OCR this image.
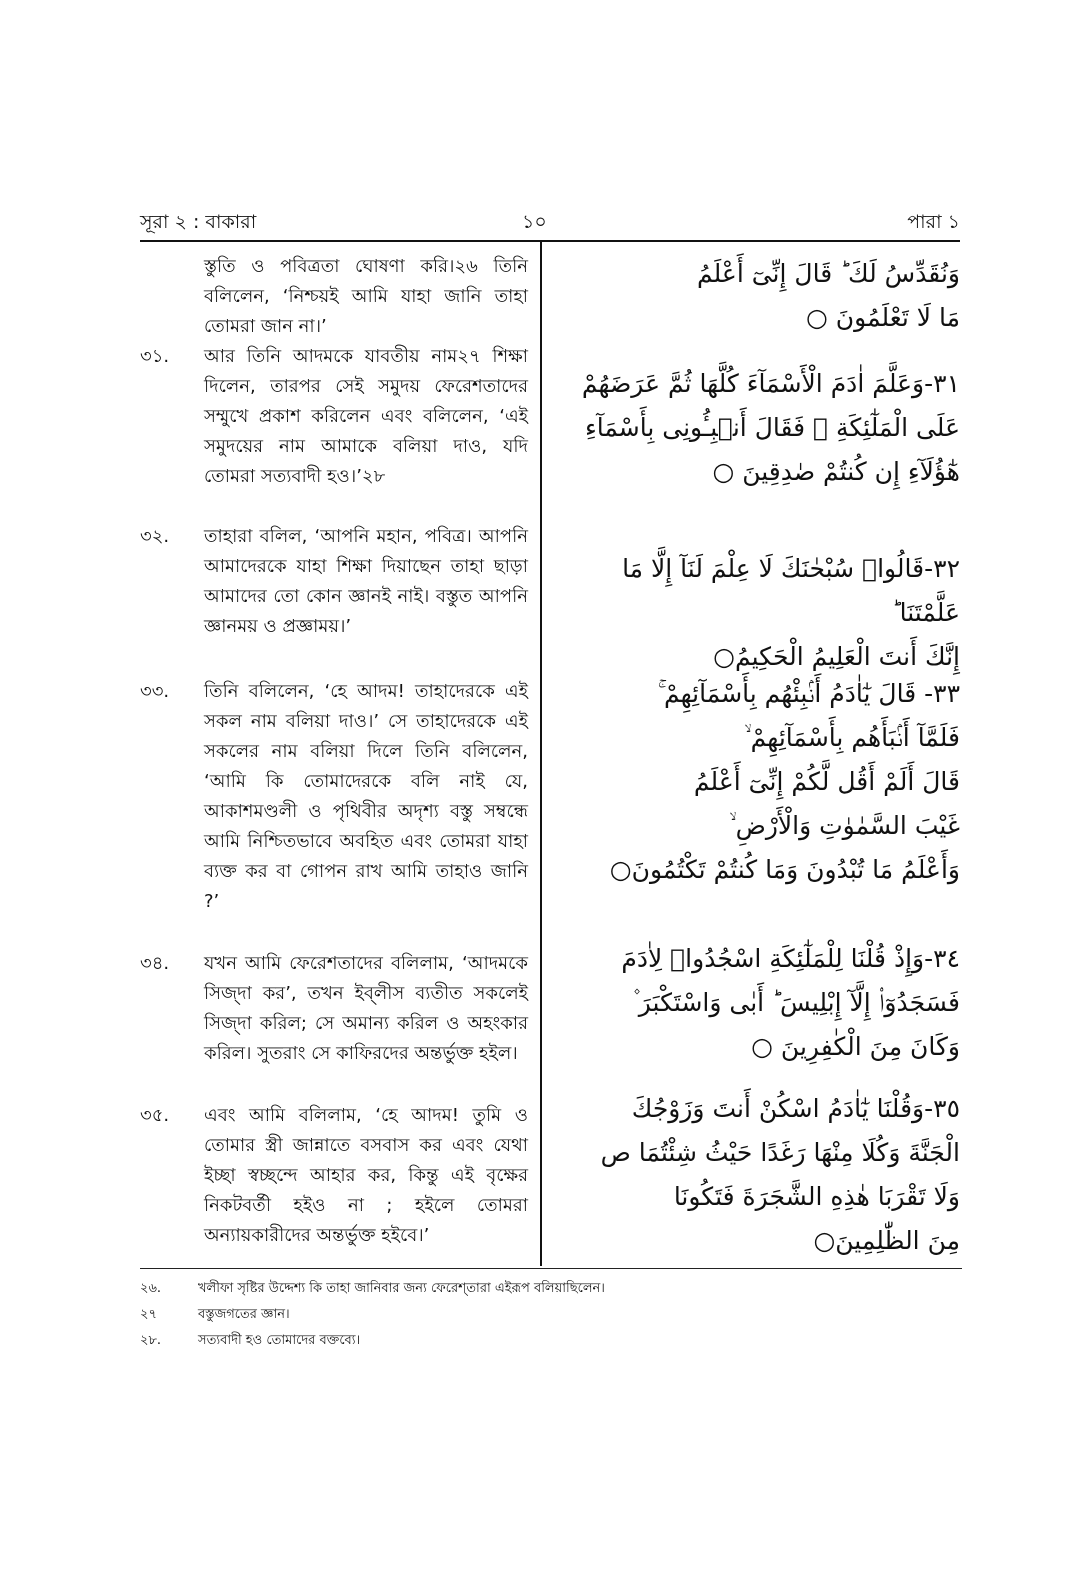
সূরা ২ : বাকারা	১০	পারা ১

স্তুতি ও পবিত্রতা ঘোষণা করি।২৬ তিনি বলিলেন, ‘নিশ্চয়ই আমি যাহা জানি তাহা তোমরা জান না।’

৩১. আর তিনি আদমকে যাবতীয় নাম২৭ শিক্ষা দিলেন, তারপর সেই সমুদয় ফেরেশতাদের সম্মুখে প্রকাশ করিলেন এবং বলিলেন, ‘এই সমুদয়ের নাম আমাকে বলিয়া দাও, যদি তোমরা সত্যবাদী হও।’২৮

৩২. তাহারা বলিল, ‘আপনি মহান, পবিত্র। আপনি আমাদেরকে যাহা শিক্ষা দিয়াছেন তাহা ছাড়া আমাদের তো কোন জ্ঞানই নাই। বস্তুত আপনি জ্ঞানময় ও প্রজ্ঞাময়।’

৩৩. তিনি বলিলেন, ‘হে আদম! তাহাদেরকে এই সকল নাম বলিয়া দাও।’ সে তাহাদেরকে এই সকলের নাম বলিয়া দিলে তিনি বলিলেন, ‘আমি কি তোমাদেরকে বলি নাই যে, আকাশমণ্ডলী ও পৃথিবীর অদৃশ্য বস্তু সম্বন্ধে আমি নিশ্চিতভাবে অবহিত এবং তোমরা যাহা ব্যক্ত কর বা গোপন রাখ আমি তাহাও জানি ?’

৩৪. যখন আমি ফেরেশতাদের বলিলাম, ‘আদমকে সিজ্‌দা কর’, তখন ইব্‌লীস ব্যতীত সকলেই সিজ্‌দা করিল; সে অমান্য করিল ও অহংকার করিল। সুতরাং সে কাফিরদের অন্তর্ভুক্ত হইল।

৩৫. এবং আমি বলিলাম, ‘হে আদম! তুমি ও তোমার স্ত্রী জান্নাতে বসবাস কর এবং যেথা ইচ্ছা স্বচ্ছন্দে আহার কর, কিন্তু এই বৃক্ষের নিকটবর্তী হইও না ; হইলে তোমরা অন্যায়কারীদের অন্তর্ভুক্ত হইবে।’

وَنُقَدِّسُ لَكَ ؕ قَالَ إِنِّىٓ أَعْلَمُ
مَا لَا تَعْلَمُونَ ○
٣١-وَعَلَّمَ اٰدَمَ الْأَسْمَآءَ كُلَّهَا ثُمَّ عَرَضَهُمْ
عَلَى الْمَلٰٓئِكَةِ ۙ فَقَالَ أَنۢبِـُٔونِى بِأَسْمَآءِ
هٰٓؤُلَآءِ إِن كُنتُمْ صٰدِقِينَ ○
٣٢-قَالُوا۟ سُبْحٰنَكَ لَا عِلْمَ لَنَآ إِلَّا مَا عَلَّمْتَنَا ؕ
إِنَّكَ أَنتَ الْعَلِيمُ الْحَكِيمُ○
٣٣- قَالَ يٰٓاٰدَمُ أَنۢبِئْهُم بِأَسْمَآئِهِمْ ۚ
فَلَمَّآ أَنۢبَأَهُم بِأَسْمَآئِهِمْ ۙ
قَالَ أَلَمْ أَقُل لَّكُمْ إِنِّىٓ أَعْلَمُ
غَيْبَ السَّمٰوٰتِ وَالْأَرْضِ ۙ
وَأَعْلَمُ مَا تُبْدُونَ وَمَا كُنتُمْ تَكْتُمُونَ○
٣٤-وَإِذْ قُلْنَا لِلْمَلٰٓئِكَةِ اسْجُدُوا۟ لِاٰدَمَ
فَسَجَدُوٓا۟ إِلَّآ إِبْلِيسَ ؕ أَبٰى وَاسْتَكْبَرَ ۫
وَكَانَ مِنَ الْكٰفِرِينَ ○
٣٥-وَقُلْنَا يٰٓاٰدَمُ اسْكُنْ أَنتَ وَزَوْجُكَ
الْجَنَّةَ وَكُلَا مِنْهَا رَغَدًا حَيْثُ شِئْتُمَا ص
وَلَا تَقْرَبَا هٰذِهِ الشَّجَرَةَ فَتَكُونَا
مِنَ الظّٰلِمِينَ○
২৬.	খলীফা সৃষ্টির উদ্দেশ্য কি তাহা জানিবার জন্য ফেরেশ্‌তারা এইরূপ বলিয়াছিলেন।
২৭	বস্তুজগতের জ্ঞান।
২৮.	সত্যবাদী হও তোমাদের বক্তব্যে।
